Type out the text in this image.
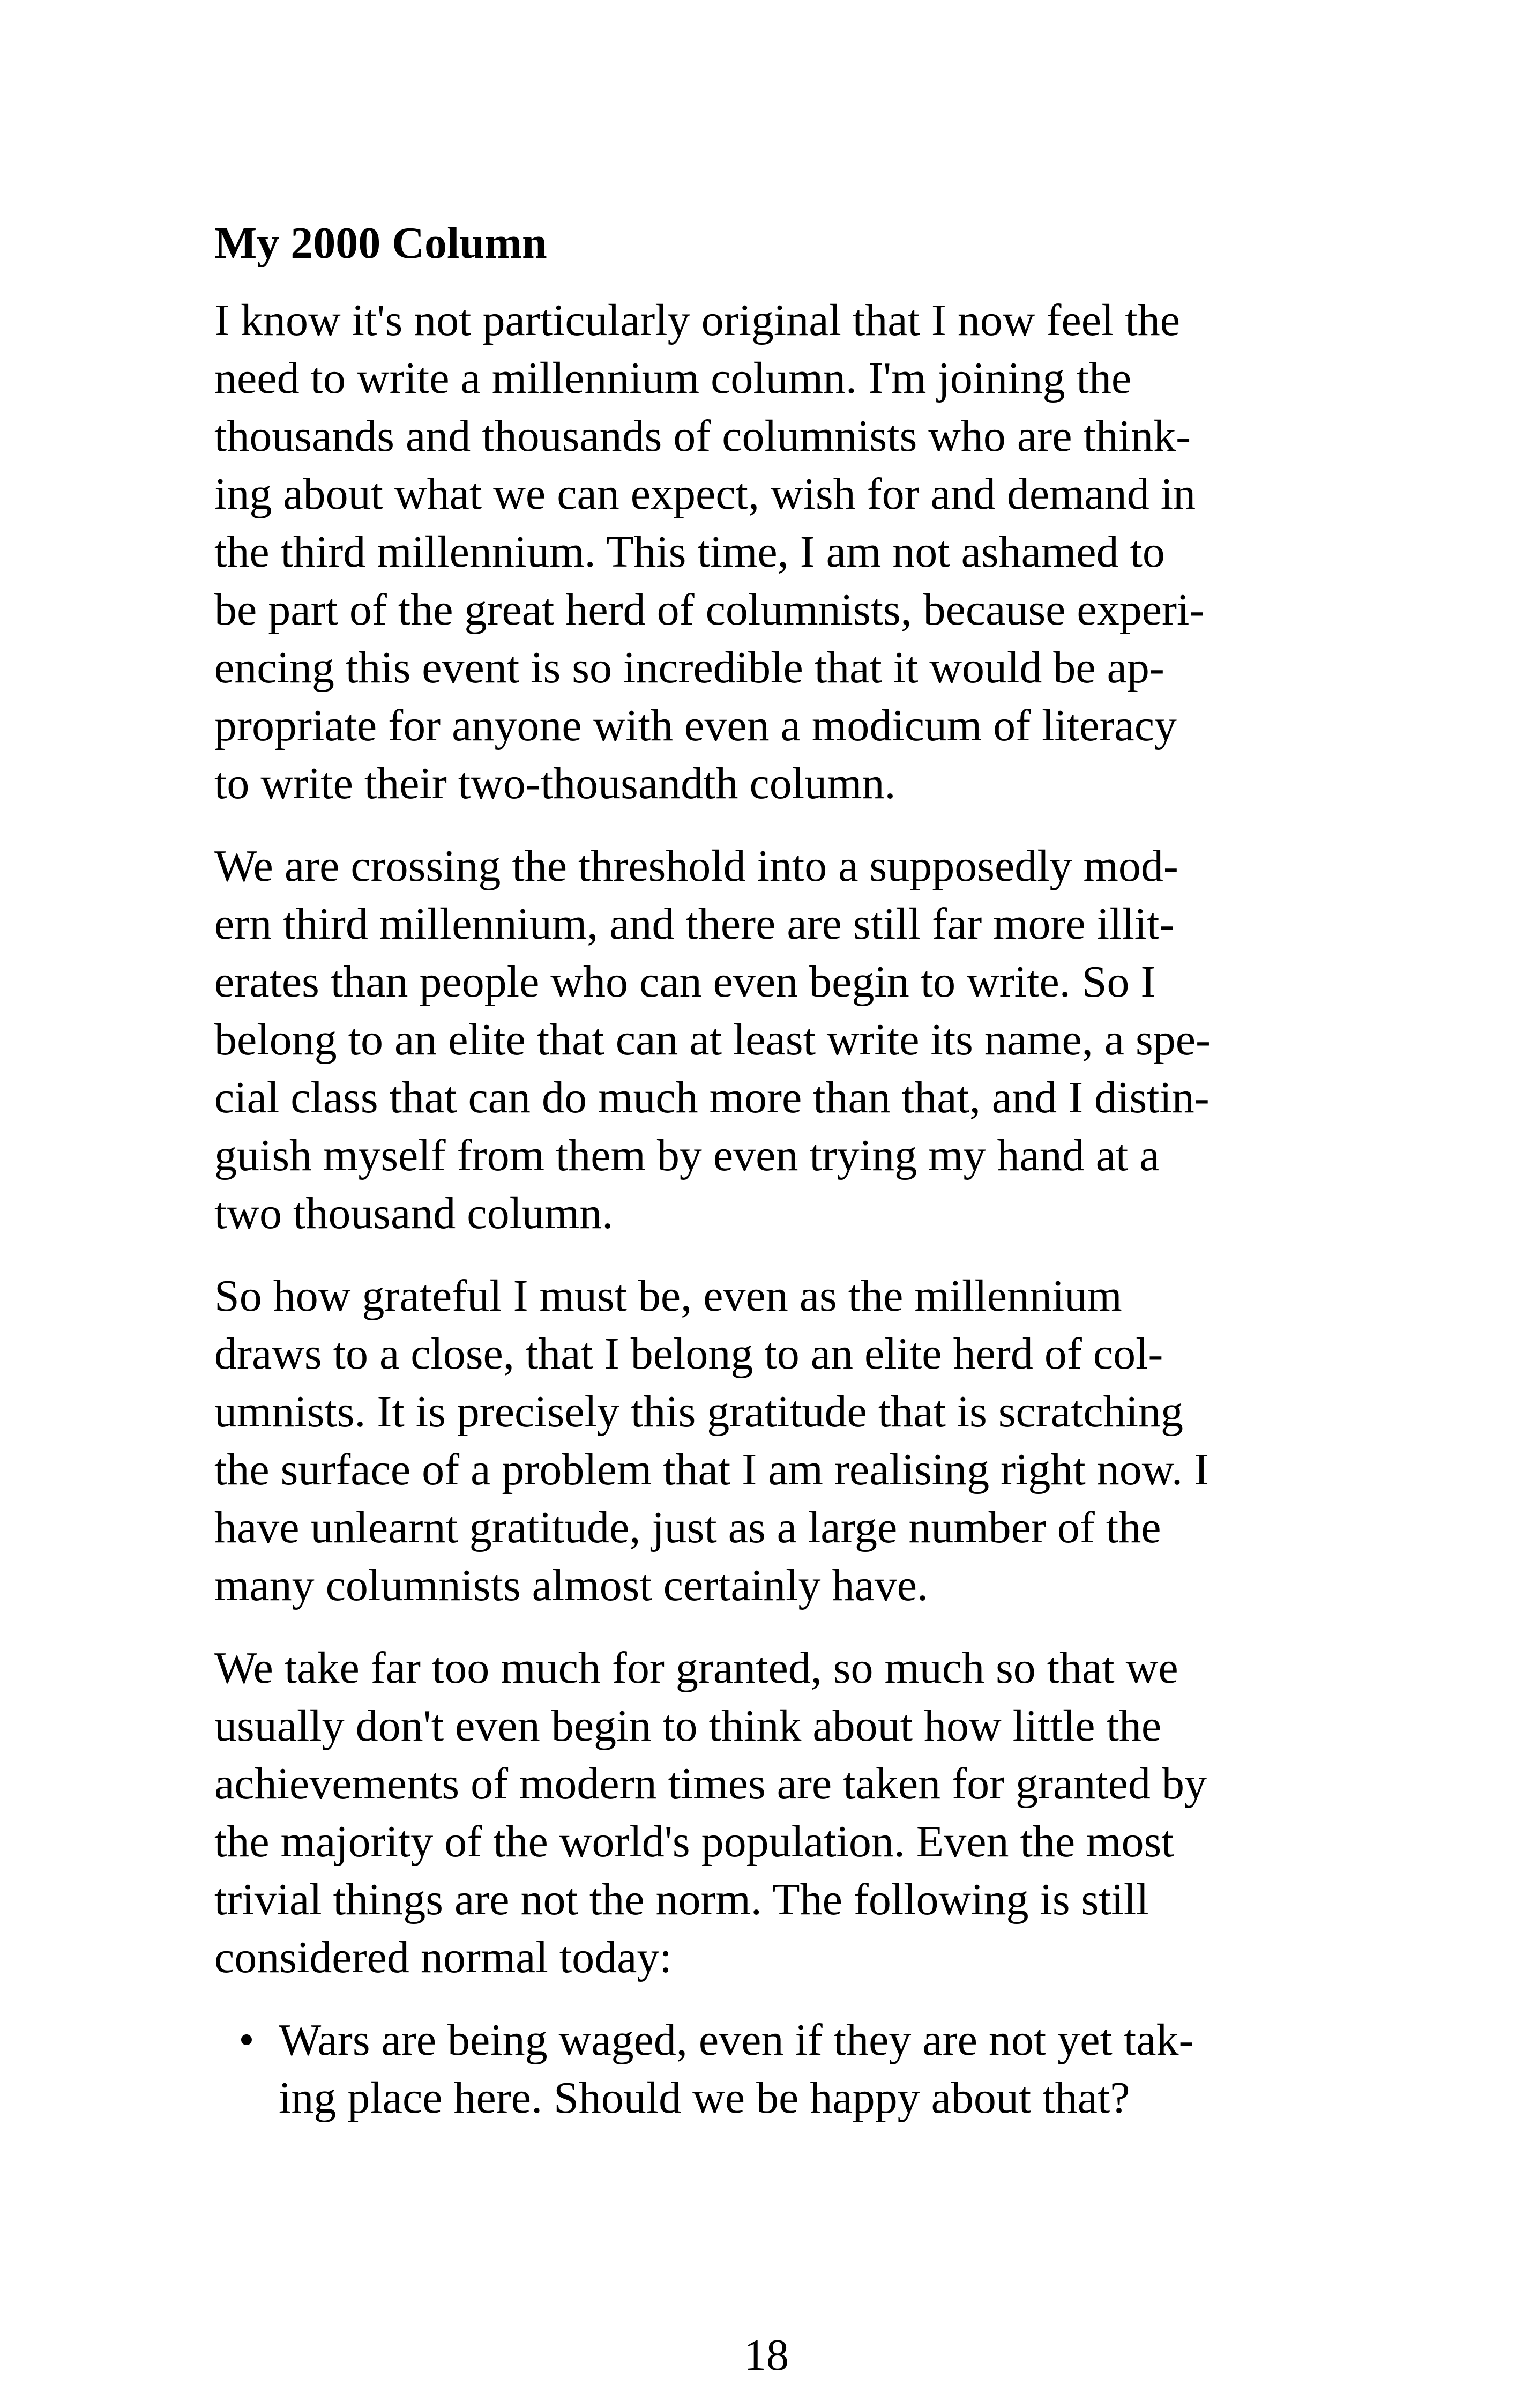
My 2000 Column
I know it's not particularly original that I now feel the
need to write a millennium column. I'm joining the
thousands and thousands of columnists who are think-
ing about what we can expect, wish for and demand in
the third millennium. This time, I am not ashamed to
be part of the great herd of columnists, because experi-
encing this event is so incredible that it would be ap-
propriate for anyone with even a modicum of literacy
to write their two-thousandth column.
We are crossing the threshold into a supposedly mod-
ern third millennium, and there are still far more illit-
erates than people who can even begin to write. So I
belong to an elite that can at least write its name, a spe-
cial class that can do much more than that, and I distin-
guish myself from them by even trying my hand at a
two thousand column.
So how grateful I must be, even as the millennium
draws to a close, that I belong to an elite herd of col-
umnists. It is precisely this gratitude that is scratching
the surface of a problem that I am realising right now. I
have unlearnt gratitude, just as a large number of the
many columnists almost certainly have.
We take far too much for granted, so much so that we
usually don't even begin to think about how little the
achievements of modern times are taken for granted by
the majority of the world's population. Even the most
trivial things are not the norm. The following is still
considered normal today:
• Wars are being waged, even if they are not yet tak-
ing place here. Should we be happy about that?
18
